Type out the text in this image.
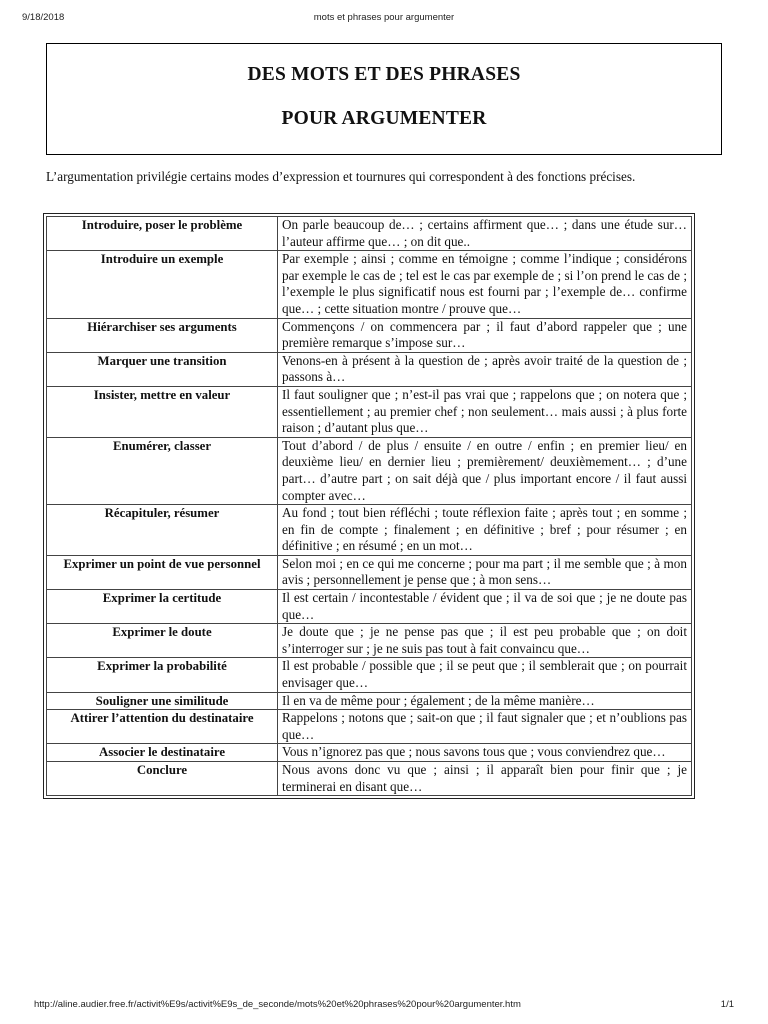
9/18/2018	mots et phrases pour argumenter
DES MOTS ET DES PHRASES
POUR ARGUMENTER

L’argumentation privilégie certains modes d’expression et tournures qui correspondent à des fonctions précises.

Introduire, poser le problème	On parle beaucoup de… ; certains affirment que… ; dans une étude sur…l’auteur affirme que… ; on dit que..
Introduire un exemple	Par exemple ; ainsi ; comme en témoigne ; comme l’indique ; considérons par exemple le cas de ; tel est le cas par exemple de ; si l’on prend le cas de ; l’exemple le plus significatif nous est fourni par ; l’exemple de… confirme que… ; cette situation montre / prouve que…
Hiérarchiser ses arguments	Commençons / on commencera par ; il faut d’abord rappeler que ; une première remarque s’impose sur…
Marquer une transition	Venons-en à présent à la question de ; après avoir traité de la question de ; passons à…
Insister, mettre en valeur	Il faut souligner que ; n’est-il pas vrai que ; rappelons que ; on notera que ; essentiellement ; au premier chef ; non seulement… mais aussi ; à plus forte raison ; d’autant plus que…
Enumérer, classer	Tout d’abord / de plus / ensuite / en outre / enfin ; en premier lieu/ en deuxième lieu/ en dernier lieu ; premièrement/ deuxièmement… ; d’une part… d’autre part ; on sait déjà que / plus important encore / il faut aussi compter avec…
Récapituler, résumer	Au fond ; tout bien réfléchi ; toute réflexion faite ; après tout ; en somme ; en fin de compte ; finalement ; en définitive ; bref ; pour résumer ; en définitive ; en résumé ; en un mot…
Exprimer un point de vue personnel	Selon moi ; en ce qui me concerne ; pour ma part ; il me semble que ; à mon avis ; personnellement je pense que ; à mon sens…
Exprimer la certitude	Il est certain / incontestable / évident que ; il va de soi que ; je ne doute pas que…
Exprimer le doute	Je doute que ; je ne pense pas que ; il est peu probable que ; on doit s’interroger sur ; je ne suis pas tout à fait convaincu que…
Exprimer la probabilité	Il est probable / possible que ; il se peut que ; il semblerait que ; on pourrait envisager que…
Souligner une similitude	Il en va de même pour ; également ; de la même manière…
Attirer l’attention du destinataire	Rappelons ; notons que ; sait-on que ; il faut signaler que ; et n’oublions pas que…
Associer le destinataire	Vous n’ignorez pas que ; nous savons tous que ; vous conviendrez que…
Conclure	Nous avons donc vu que ; ainsi ; il apparaît bien pour finir que ; je terminerai en disant que…
http://aline.audier.free.fr/activit%E9s/activit%E9s_de_seconde/mots%20et%20phrases%20pour%20argumenter.htm	1/1
